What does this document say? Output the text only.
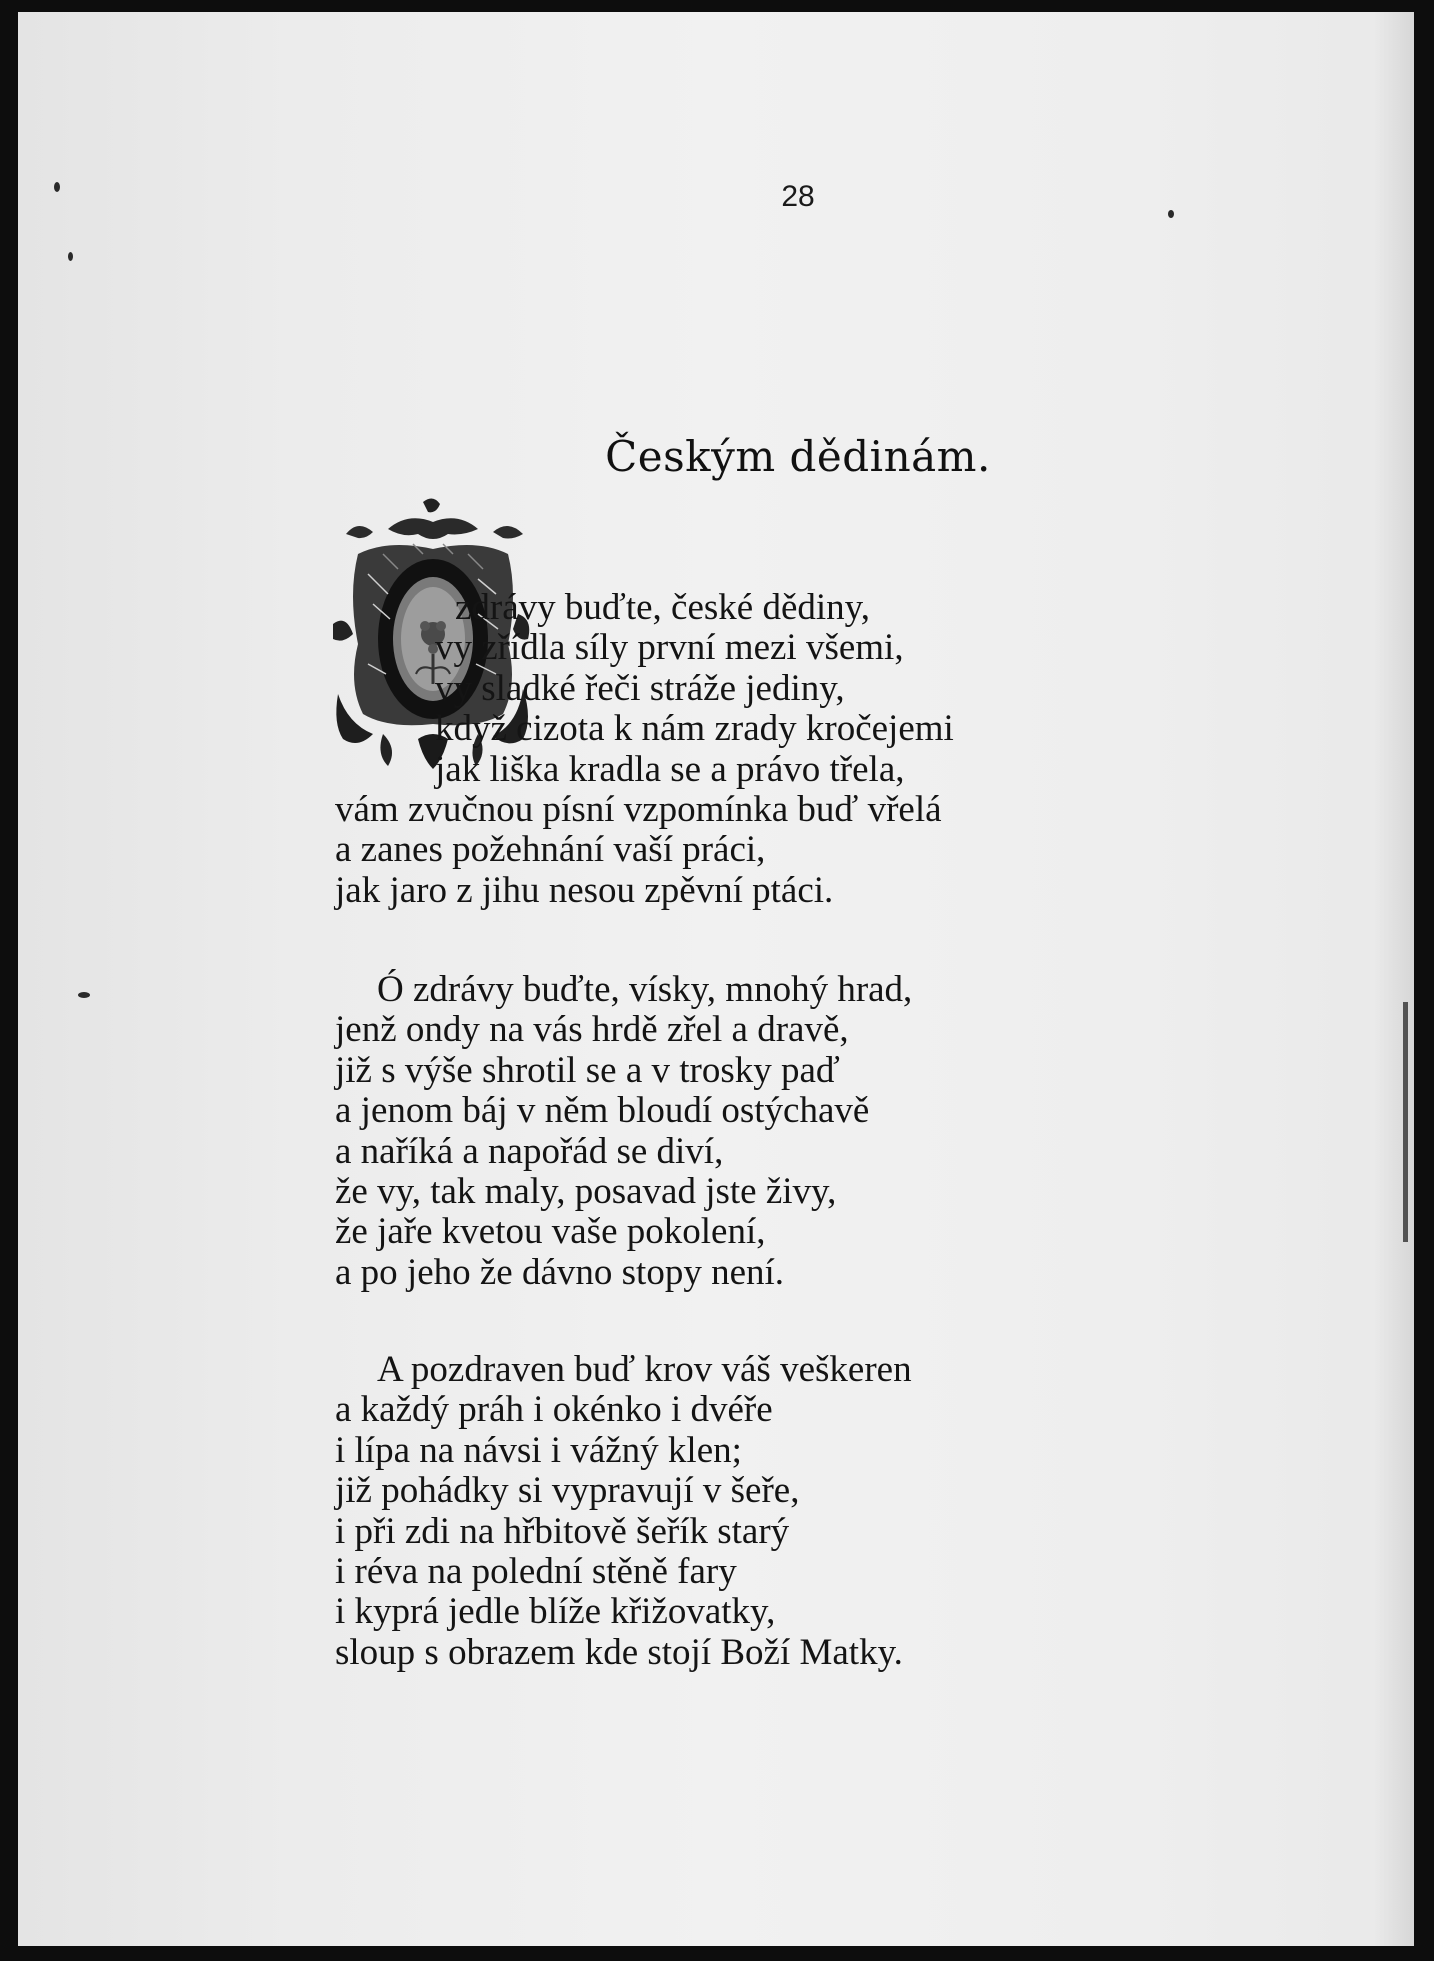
28
Českým dědinám.
zdrávy buďte, české dědiny,
vy zřídla síly první mezi všemi,
vy sladké řeči stráže jediny,
když cizota k nám zrady kročejemi
jak liška kradla se a právo třela,
vám zvučnou písní vzpomínka buď vřelá
a zanes požehnání vaší práci,
jak jaro z jihu nesou zpěvní ptáci.
Ó zdrávy buďte, vísky, mnohý hrad,
jenž ondy na vás hrdě zřel a dravě,
již s výše shrotil se a v trosky paď
a jenom báj v něm bloudí ostýchavě
a naříká a napořád se diví,
že vy, tak maly, posavad jste živy,
že jaře kvetou vaše pokolení,
a po jeho že dávno stopy není.
A pozdraven buď krov váš veškeren
a každý práh i okénko i dvéře
i lípa na návsi i vážný klen;
již pohádky si vypravují v šeře,
i při zdi na hřbitově šeřík starý
i réva na polední stěně fary
i kyprá jedle blíže křižovatky,
sloup s obrazem kde stojí Boží Matky.
